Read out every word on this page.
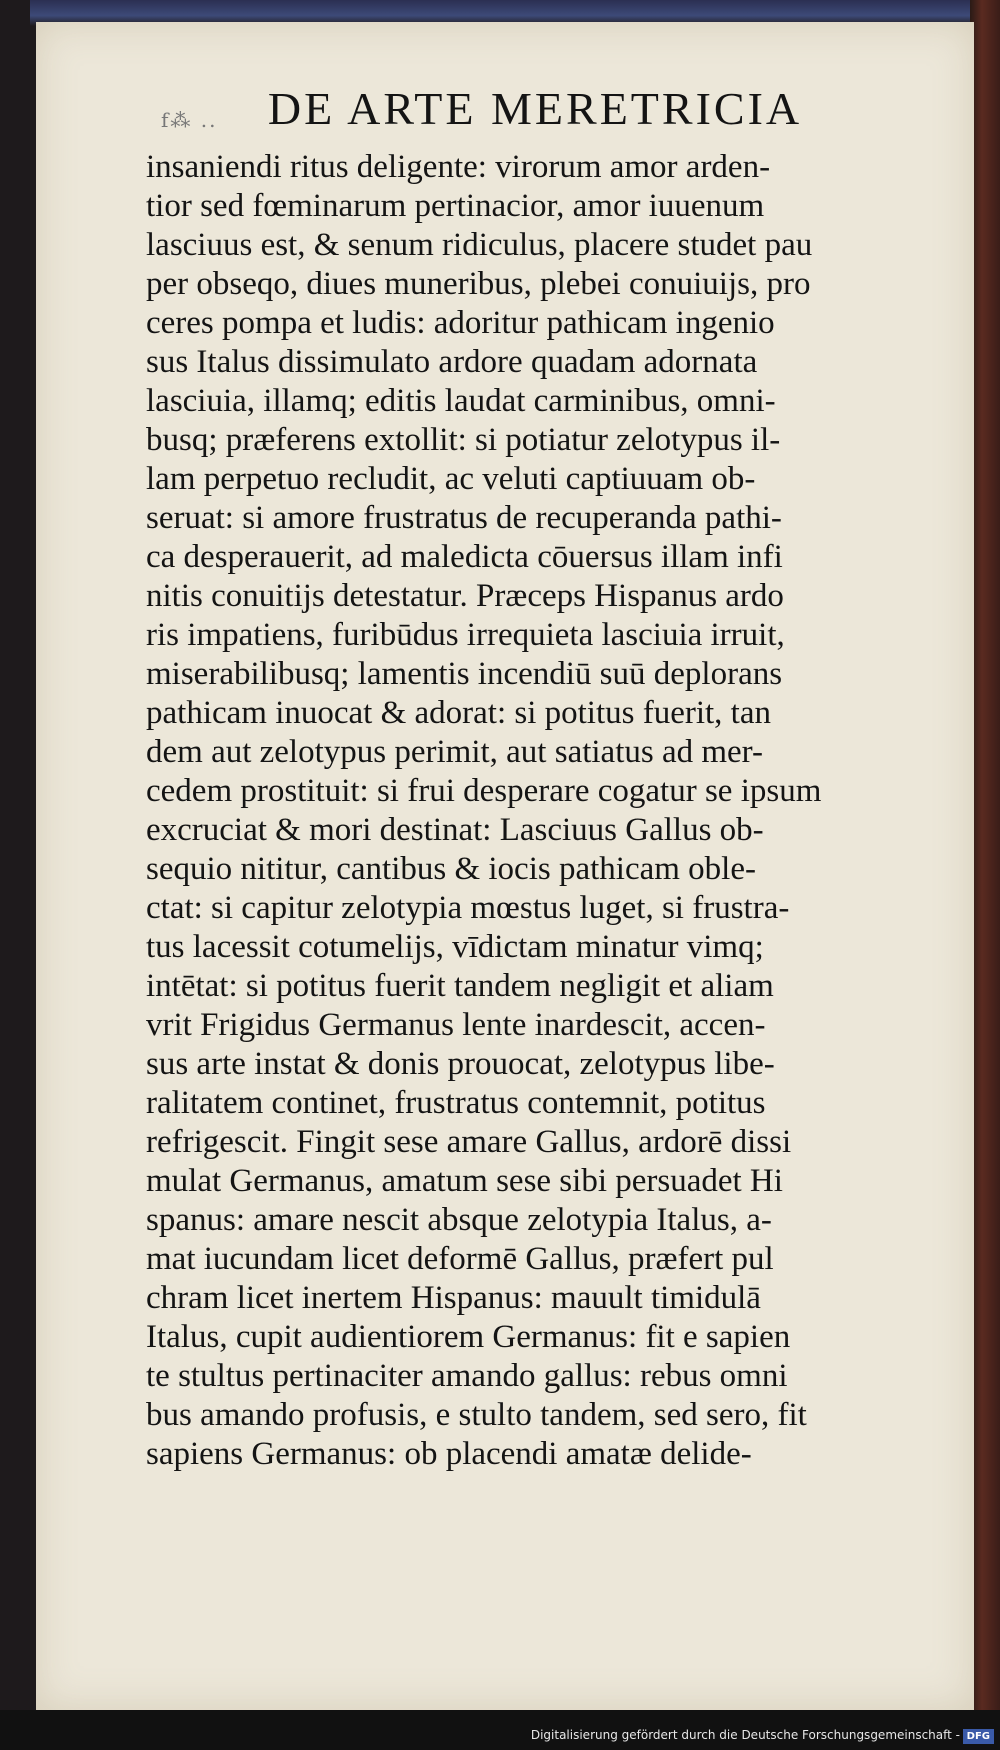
f⁂ ..	DE ARTE MERETRICIA
insaniendi ritus deligente: virorum amor arden-
tior sed fœminarum pertinacior, amor iuuenum
lasciuus est, & senum ridiculus, placere studet pau
per obseqo, diues muneribus, plebei conuiuijs, pro
ceres pompa et ludis: adoritur pathicam ingenio
sus Italus dissimulato ardore quadam adornata
lasciuia, illamq; editis laudat carminibus, omni-
busq; præferens extollit: si potiatur zelotypus il-
lam perpetuo recludit, ac veluti captiuuam ob-
seruat: si amore frustratus de recuperanda pathi-
ca desperauerit, ad maledicta cōuersus illam infi
nitis conuitijs detestatur. Præceps Hispanus ardo
ris impatiens, furibūdus irrequieta lasciuia irruit,
miserabilibusq; lamentis incendiū suū deplorans
pathicam inuocat & adorat: si potitus fuerit, tan
dem aut zelotypus perimit, aut satiatus ad mer-
cedem prostituit: si frui desperare cogatur se ipsum
excruciat & mori destinat: Lasciuus Gallus ob-
sequio nititur, cantibus & iocis pathicam oble-
ctat: si capitur zelotypia mœstus luget, si frustra-
tus lacessit cotumelijs, vīdictam minatur vimq;
intētat: si potitus fuerit tandem negligit et aliam
vrit Frigidus Germanus lente inardescit, accen-
sus arte instat & donis prouocat, zelotypus libe-
ralitatem continet, frustratus contemnit, potitus
refrigescit. Fingit sese amare Gallus, ardorē dissi
mulat Germanus, amatum sese sibi persuadet Hi
spanus: amare nescit absque zelotypia Italus, a-
mat iucundam licet deformē Gallus, præfert pul
chram licet inertem Hispanus: mauult timidulā
Italus, cupit audientiorem Germanus: fit e sapien
te stultus pertinaciter amando gallus: rebus omni
bus amando profusis, e stulto tandem, sed sero, fit
sapiens Germanus: ob placendi amatæ delide-
Digitalisierung gefördert durch die Deutsche Forschungsgemeinschaft - DFG
